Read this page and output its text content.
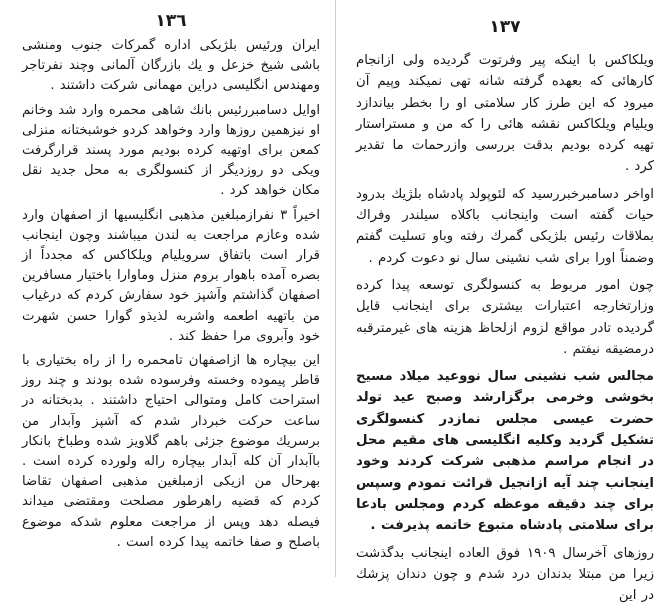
١٣٦

ایران ورئیس بلژیکی اداره گمرکات جنوب ومنشی باشی شیخ خزعل و یك بازرگان آلمانی وچند نفرتاجر ومهندس انگلیسی دراین مهمانی شرکت داشتند .

اوایل دسامبررئیس بانك شاهی محمره وارد شد وخانم او نیزهمین روزها وارد وخواهد کردو خوشبختانه منزلی کمعن برای اوتهیه کرده بودیم مورد پسند قرارگرفت ویکی دو روزدیگر از کنسولگری به محل جدید نقل مکان خواهد کرد .

اخیراً ۳ نفرازمبلغین مذهبی انگلیسیها از اصفهان وارد شده وعازم مراجعت به لندن میباشند وچون اینجانب قرار است باتفاق سرویلیام ویلکاکس که مجدداً از بصره آمده باهوار بروم منزل وماوارا باختیار مسافرین اصفهان گذاشتم وآشپز خود سفارش کردم که درغیاب من باتهیه اطعمه واشربه لذیذو گوارا حسن شهرت خود وآبروی مرا حفظ کند .

این بیچاره ها ازاصفهان تامحمره را از راه بختیاری با قاطر پیموده وخسته وفرسوده شده بودند و چند روز استراحت کامل ومتوالی احتیاج داشتند . بدبختانه در ساعت حرکت خبردار شدم که آشپز وآبدار من برسریك موضوع جزئی باهم گلاویز شده وطباخ بانکار باآبدار آن کله آبدار بیچاره راله ولورده کرده است . بهرحال من ازیکی ازمبلغین مذهبی اصفهان تقاضا کردم که قضیه راهرطور مصلحت ومقتضی میداند فیصله دهد وپس از مراجعت معلوم شدکه موضوع باصلح و صفا خاتمه پیدا کرده است .

١٣٧

ویلکاکس با اینکه پیر وفرتوت گردیده ولی ازانجام کارهائی که بعهده گرفته شانه تهی نمیکند وپیم آن میرود که این طرز کار سلامتی او را بخطر بیاندازد ویلیام ویلکاکس نقشه هائی را که من و مستراستار تهیه کرده بودیم بدقت بررسی وازرحمات ما تقدیر کرد .

اواخر دسامبرخبررسید که لئوپولد پادشاه بلژیك بدرود حیات گفته است واینجانب باکلاه سیلندر وفراك بملاقات رئیس بلژیکی گمرك رفته وباو تسلیت گفتم وضمناً اورا برای شب نشینی سال نو دعوت کردم .

چون امور مربوط به کنسولگری توسعه پیدا کرده وزارتخارجه اعتبارات بیشتری برای اینجانب قایل گردیده تادر مواقع لزوم ازلحاظ هزینه های غیرمترقبه درمضیقه نیفتم .

مجالس شب نشینی سال نووعید میلاد مسیح بخوشی وخرمی برگزارشد وصبح عید تولد حضرت عیسی مجلس نمازدر کنسولگری تشکیل گردید وکلیه انگلیسی های مقیم محل در انجام مراسم مذهبی شرکت کردند وخود اینجانب چند آیه ازانجیل قرائت نمودم وسپس برای چند دقیقه موعظه کردم ومجلس بادعا برای سلامتی پادشاه متبوع خاتمه پذیرفت .

روزهای آخرسال ۱۹۰۹ فوق العاده اینجانب بدگذشت زیرا من مبتلا بدندان درد شدم و چون دندان پزشك در این
